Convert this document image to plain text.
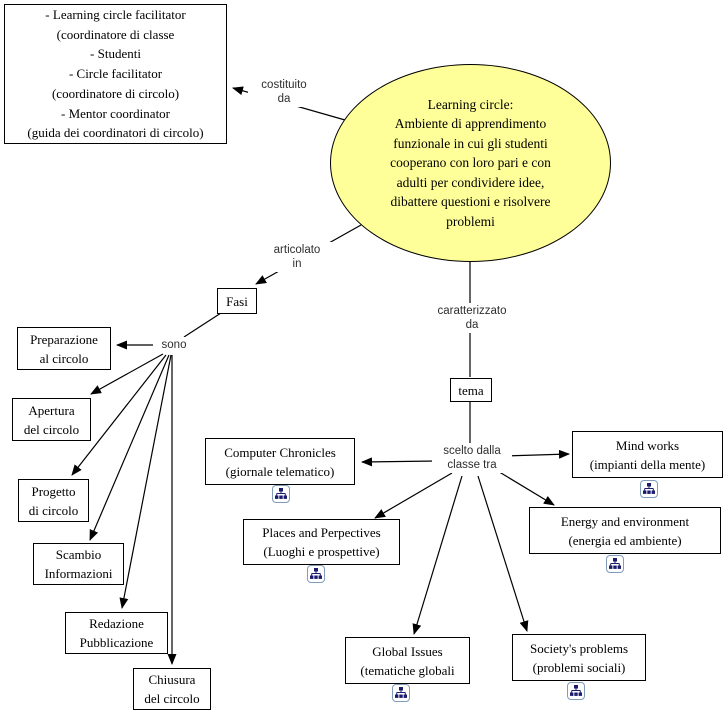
Learning circle:
Ambiente di apprendimento
funzionale in cui gli studenti
cooperano con loro pari e con
adulti per condividere idee,
dibattere questioni e risolvere
problemi
- Learning circle facilitator
(coordinatore di classe
- Studenti
- Circle facilitator
(coordinatore di circolo)
- Mentor coordinator
(guida dei coordinatori di circolo)
costituito
da
articolato
in
sono
caratterizzato
da
scelto dalla
classe tra
Fasi
tema
Preparazione
al circolo
Apertura
del circolo
Progetto
di circolo
Scambio
Informazioni
Redazione
Pubblicazione
Chiusura
del circolo
Computer Chronicles
(giornale telematico)
Places and Perpectives
(Luoghi e prospettive)
Global Issues
(tematiche globali
Society's problems
(problemi sociali)
Energy and environment
(energia ed ambiente)
Mind works
(impianti della mente)
